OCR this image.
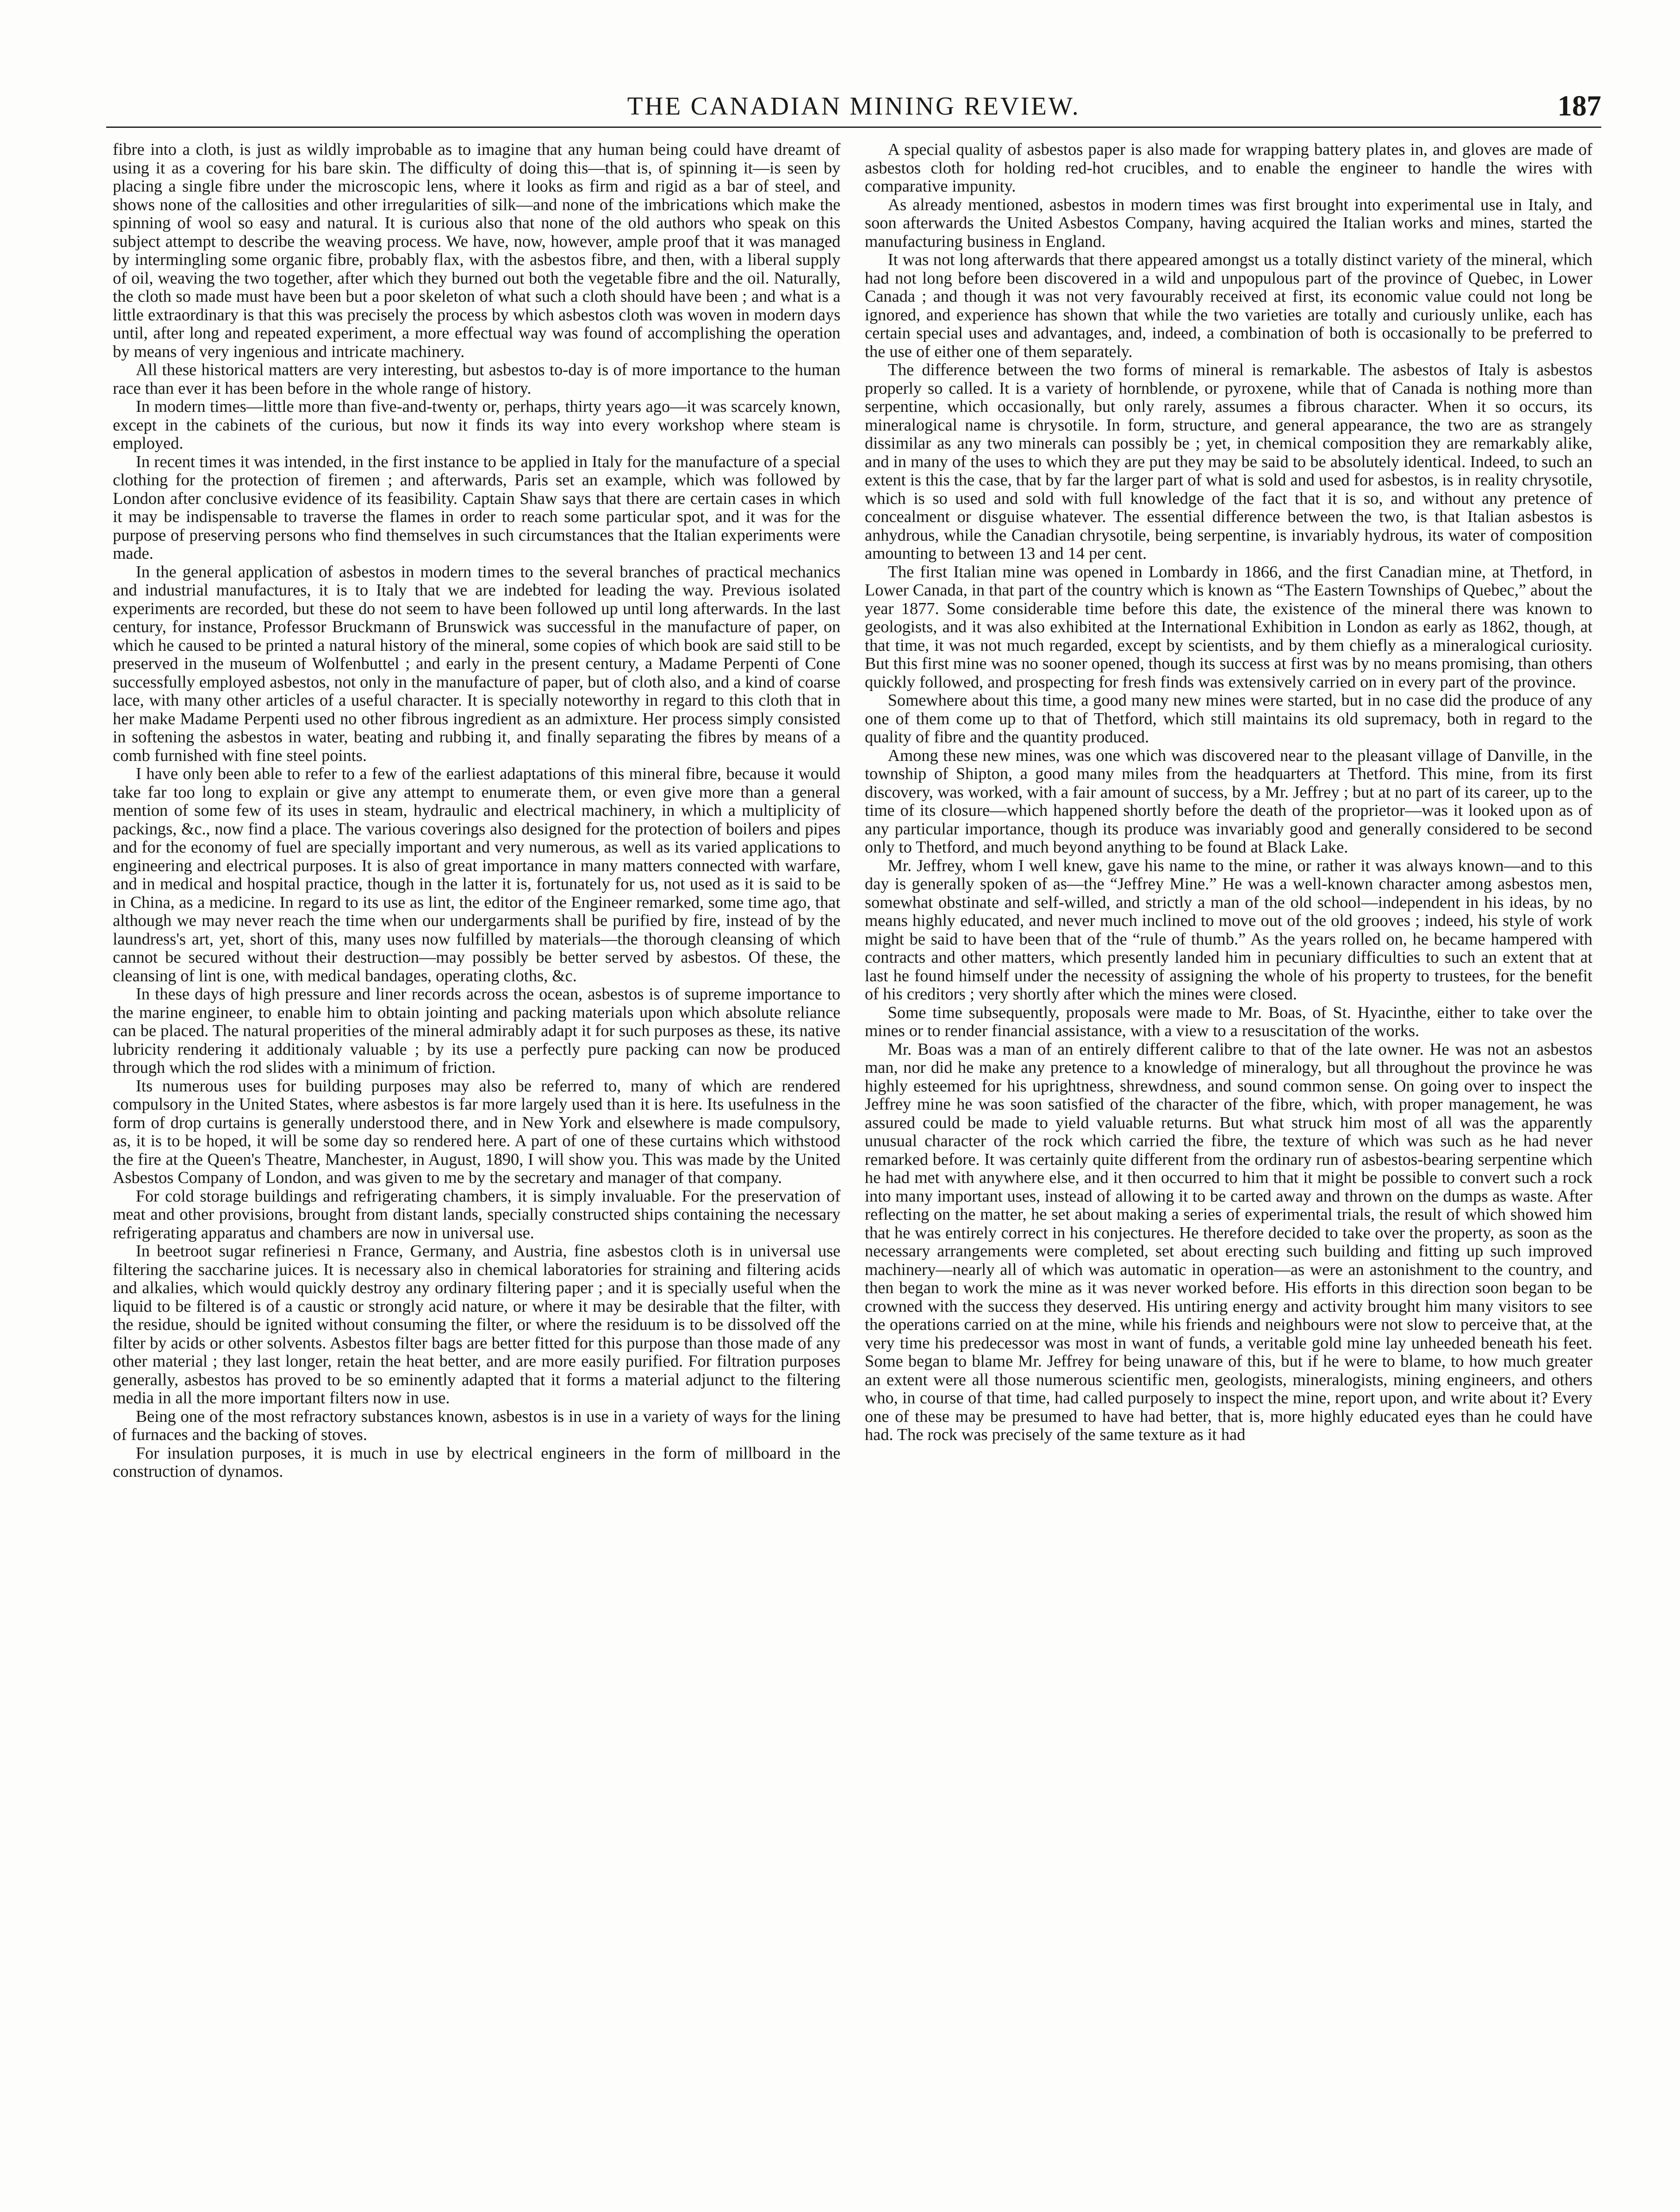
THE CANADIAN MINING REVIEW.	187

fibre into a cloth, is just as wildly improbable as to imagine that any human being could have dreamt of using it as a covering for his bare skin. The difficulty of doing this—that is, of spinning it—is seen by placing a single fibre under the microscopic lens, where it looks as firm and rigid as a bar of steel, and shows none of the callosities and other irregularities of silk—and none of the imbrications which make the spinning of wool so easy and natural. It is curious also that none of the old authors who speak on this subject attempt to describe the weaving process. We have, now, however, ample proof that it was managed by intermingling some organic fibre, probably flax, with the asbestos fibre, and then, with a liberal supply of oil, weaving the two together, after which they burned out both the vegetable fibre and the oil. Naturally, the cloth so made must have been but a poor skeleton of what such a cloth should have been ; and what is a little extraordinary is that this was precisely the process by which asbestos cloth was woven in modern days until, after long and repeated experiment, a more effectual way was found of accomplishing the operation by means of very ingenious and intricate machinery.

All these historical matters are very interesting, but asbestos to-day is of more importance to the human race than ever it has been before in the whole range of history.

In modern times—little more than five-and-twenty or, perhaps, thirty years ago—it was scarcely known, except in the cabinets of the curious, but now it finds its way into every workshop where steam is employed.

In recent times it was intended, in the first instance to be applied in Italy for the manufacture of a special clothing for the protection of firemen ; and afterwards, Paris set an example, which was followed by London after conclusive evidence of its feasibility. Captain Shaw says that there are certain cases in which it may be indispensable to traverse the flames in order to reach some particular spot, and it was for the purpose of preserving persons who find themselves in such circumstances that the Italian experiments were made.

In the general application of asbestos in modern times to the several branches of practical mechanics and industrial manufactures, it is to Italy that we are indebted for leading the way. Previous isolated experiments are recorded, but these do not seem to have been followed up until long afterwards. In the last century, for instance, Professor Bruckmann of Brunswick was successful in the manufacture of paper, on which he caused to be printed a natural history of the mineral, some copies of which book are said still to be preserved in the museum of Wolfenbuttel ; and early in the present century, a Madame Perpenti of Cone successfully employed asbestos, not only in the manufacture of paper, but of cloth also, and a kind of coarse lace, with many other articles of a useful character. It is specially noteworthy in regard to this cloth that in her make Madame Perpenti used no other fibrous ingredient as an admixture. Her process simply consisted in softening the asbestos in water, beating and rubbing it, and finally separating the fibres by means of a comb furnished with fine steel points.

I have only been able to refer to a few of the earliest adaptations of this mineral fibre, because it would take far too long to explain or give any attempt to enumerate them, or even give more than a general mention of some few of its uses in steam, hydraulic and electrical machinery, in which a multiplicity of packings, &c., now find a place. The various coverings also designed for the protection of boilers and pipes and for the economy of fuel are specially important and very numerous, as well as its varied applications to engineering and electrical purposes. It is also of great importance in many matters connected with warfare, and in medical and hospital practice, though in the latter it is, fortunately for us, not used as it is said to be in China, as a medicine. In regard to its use as lint, the editor of the Engineer remarked, some time ago, that although we may never reach the time when our undergarments shall be purified by fire, instead of by the laundress's art, yet, short of this, many uses now fulfilled by materials—the thorough cleansing of which cannot be secured without their destruction—may possibly be better served by asbestos. Of these, the cleansing of lint is one, with medical bandages, operating cloths, &c.

In these days of high pressure and liner records across the ocean, asbestos is of supreme importance to the marine engineer, to enable him to obtain jointing and packing materials upon which absolute reliance can be placed. The natural properities of the mineral admirably adapt it for such purposes as these, its native lubricity rendering it additionaly valuable ; by its use a perfectly pure packing can now be produced through which the rod slides with a minimum of friction.

Its numerous uses for building purposes may also be referred to, many of which are rendered compulsory in the United States, where asbestos is far more largely used than it is here. Its usefulness in the form of drop curtains is generally understood there, and in New York and elsewhere is made compulsory, as, it is to be hoped, it will be some day so rendered here. A part of one of these curtains which withstood the fire at the Queen's Theatre, Manchester, in August, 1890, I will show you. This was made by the United Asbestos Company of London, and was given to me by the secretary and manager of that company.

For cold storage buildings and refrigerating chambers, it is simply invaluable. For the preservation of meat and other provisions, brought from distant lands, specially constructed ships containing the necessary refrigerating apparatus and chambers are now in universal use.

In beetroot sugar refineriesi n France, Germany, and Austria, fine asbestos cloth is in universal use filtering the saccharine juices. It is necessary also in chemical laboratories for straining and filtering acids and alkalies, which would quickly destroy any ordinary filtering paper ; and it is specially useful when the liquid to be filtered is of a caustic or strongly acid nature, or where it may be desirable that the filter, with the residue, should be ignited without consuming the filter, or where the residuum is to be dissolved off the filter by acids or other solvents. Asbestos filter bags are better fitted for this purpose than those made of any other material ; they last longer, retain the heat better, and are more easily purified. For filtration purposes generally, asbestos has proved to be so eminently adapted that it forms a material adjunct to the filtering media in all the more important filters now in use.

Being one of the most refractory substances known, asbestos is in use in a variety of ways for the lining of furnaces and the backing of stoves.

For insulation purposes, it is much in use by electrical engineers in the form of millboard in the construction of dynamos.

A special quality of asbestos paper is also made for wrapping battery plates in, and gloves are made of asbestos cloth for holding red-hot crucibles, and to enable the engineer to handle the wires with comparative impunity.

As already mentioned, asbestos in modern times was first brought into experimental use in Italy, and soon afterwards the United Asbestos Company, having acquired the Italian works and mines, started the manufacturing business in England.

It was not long afterwards that there appeared amongst us a totally distinct variety of the mineral, which had not long before been discovered in a wild and unpopulous part of the province of Quebec, in Lower Canada ; and though it was not very favourably received at first, its economic value could not long be ignored, and experience has shown that while the two varieties are totally and curiously unlike, each has certain special uses and advantages, and, indeed, a combination of both is occasionally to be preferred to the use of either one of them separately.

The difference between the two forms of mineral is remarkable. The asbestos of Italy is asbestos properly so called. It is a variety of hornblende, or pyroxene, while that of Canada is nothing more than serpentine, which occasionally, but only rarely, assumes a fibrous character. When it so occurs, its mineralogical name is chrysotile. In form, structure, and general appearance, the two are as strangely dissimilar as any two minerals can possibly be ; yet, in chemical composition they are remarkably alike, and in many of the uses to which they are put they may be said to be absolutely identical. Indeed, to such an extent is this the case, that by far the larger part of what is sold and used for asbestos, is in reality chrysotile, which is so used and sold with full knowledge of the fact that it is so, and without any pretence of concealment or disguise whatever. The essential difference between the two, is that Italian asbestos is anhydrous, while the Canadian chrysotile, being serpentine, is invariably hydrous, its water of composition amounting to between 13 and 14 per cent.

The first Italian mine was opened in Lombardy in 1866, and the first Canadian mine, at Thetford, in Lower Canada, in that part of the country which is known as “The Eastern Townships of Quebec,” about the year 1877. Some considerable time before this date, the existence of the mineral there was known to geologists, and it was also exhibited at the International Exhibition in London as early as 1862, though, at that time, it was not much regarded, except by scientists, and by them chiefly as a mineralogical curiosity. But this first mine was no sooner opened, though its success at first was by no means promising, than others quickly followed, and prospecting for fresh finds was extensively carried on in every part of the province.

Somewhere about this time, a good many new mines were started, but in no case did the produce of any one of them come up to that of Thetford, which still maintains its old supremacy, both in regard to the quality of fibre and the quantity produced.

Among these new mines, was one which was discovered near to the pleasant village of Danville, in the township of Shipton, a good many miles from the headquarters at Thetford. This mine, from its first discovery, was worked, with a fair amount of success, by a Mr. Jeffrey ; but at no part of its career, up to the time of its closure—which happened shortly before the death of the proprietor—was it looked upon as of any particular importance, though its produce was invariably good and generally considered to be second only to Thetford, and much beyond anything to be found at Black Lake.

Mr. Jeffrey, whom I well knew, gave his name to the mine, or rather it was always known—and to this day is generally spoken of as—the “Jeffrey Mine.” He was a well-known character among asbestos men, somewhat obstinate and self-willed, and strictly a man of the old school—independent in his ideas, by no means highly educated, and never much inclined to move out of the old grooves ; indeed, his style of work might be said to have been that of the “rule of thumb.” As the years rolled on, he became hampered with contracts and other matters, which presently landed him in pecuniary difficulties to such an extent that at last he found himself under the necessity of assigning the whole of his property to trustees, for the benefit of his creditors ; very shortly after which the mines were closed.

Some time subsequently, proposals were made to Mr. Boas, of St. Hyacinthe, either to take over the mines or to render financial assistance, with a view to a resuscitation of the works.

Mr. Boas was a man of an entirely different calibre to that of the late owner. He was not an asbestos man, nor did he make any pretence to a knowledge of mineralogy, but all throughout the province he was highly esteemed for his uprightness, shrewdness, and sound common sense. On going over to inspect the Jeffrey mine he was soon satisfied of the character of the fibre, which, with proper management, he was assured could be made to yield valuable returns. But what struck him most of all was the apparently unusual character of the rock which carried the fibre, the texture of which was such as he had never remarked before. It was certainly quite different from the ordinary run of asbestos-bearing serpentine which he had met with anywhere else, and it then occurred to him that it might be possible to convert such a rock into many important uses, instead of allowing it to be carted away and thrown on the dumps as waste. After reflecting on the matter, he set about making a series of experimental trials, the result of which showed him that he was entirely correct in his conjectures. He therefore decided to take over the property, as soon as the necessary arrangements were completed, set about erecting such building and fitting up such improved machinery—nearly all of which was automatic in operation—as were an astonishment to the country, and then began to work the mine as it was never worked before. His efforts in this direction soon began to be crowned with the success they deserved. His untiring energy and activity brought him many visitors to see the operations carried on at the mine, while his friends and neighbours were not slow to perceive that, at the very time his predecessor was most in want of funds, a veritable gold mine lay unheeded beneath his feet. Some began to blame Mr. Jeffrey for being unaware of this, but if he were to blame, to how much greater an extent were all those numerous scientific men, geologists, mineralogists, mining engineers, and others who, in course of that time, had called purposely to inspect the mine, report upon, and write about it? Every one of these may be presumed to have had better, that is, more highly educated eyes than he could have had. The rock was precisely of the same texture as it had
